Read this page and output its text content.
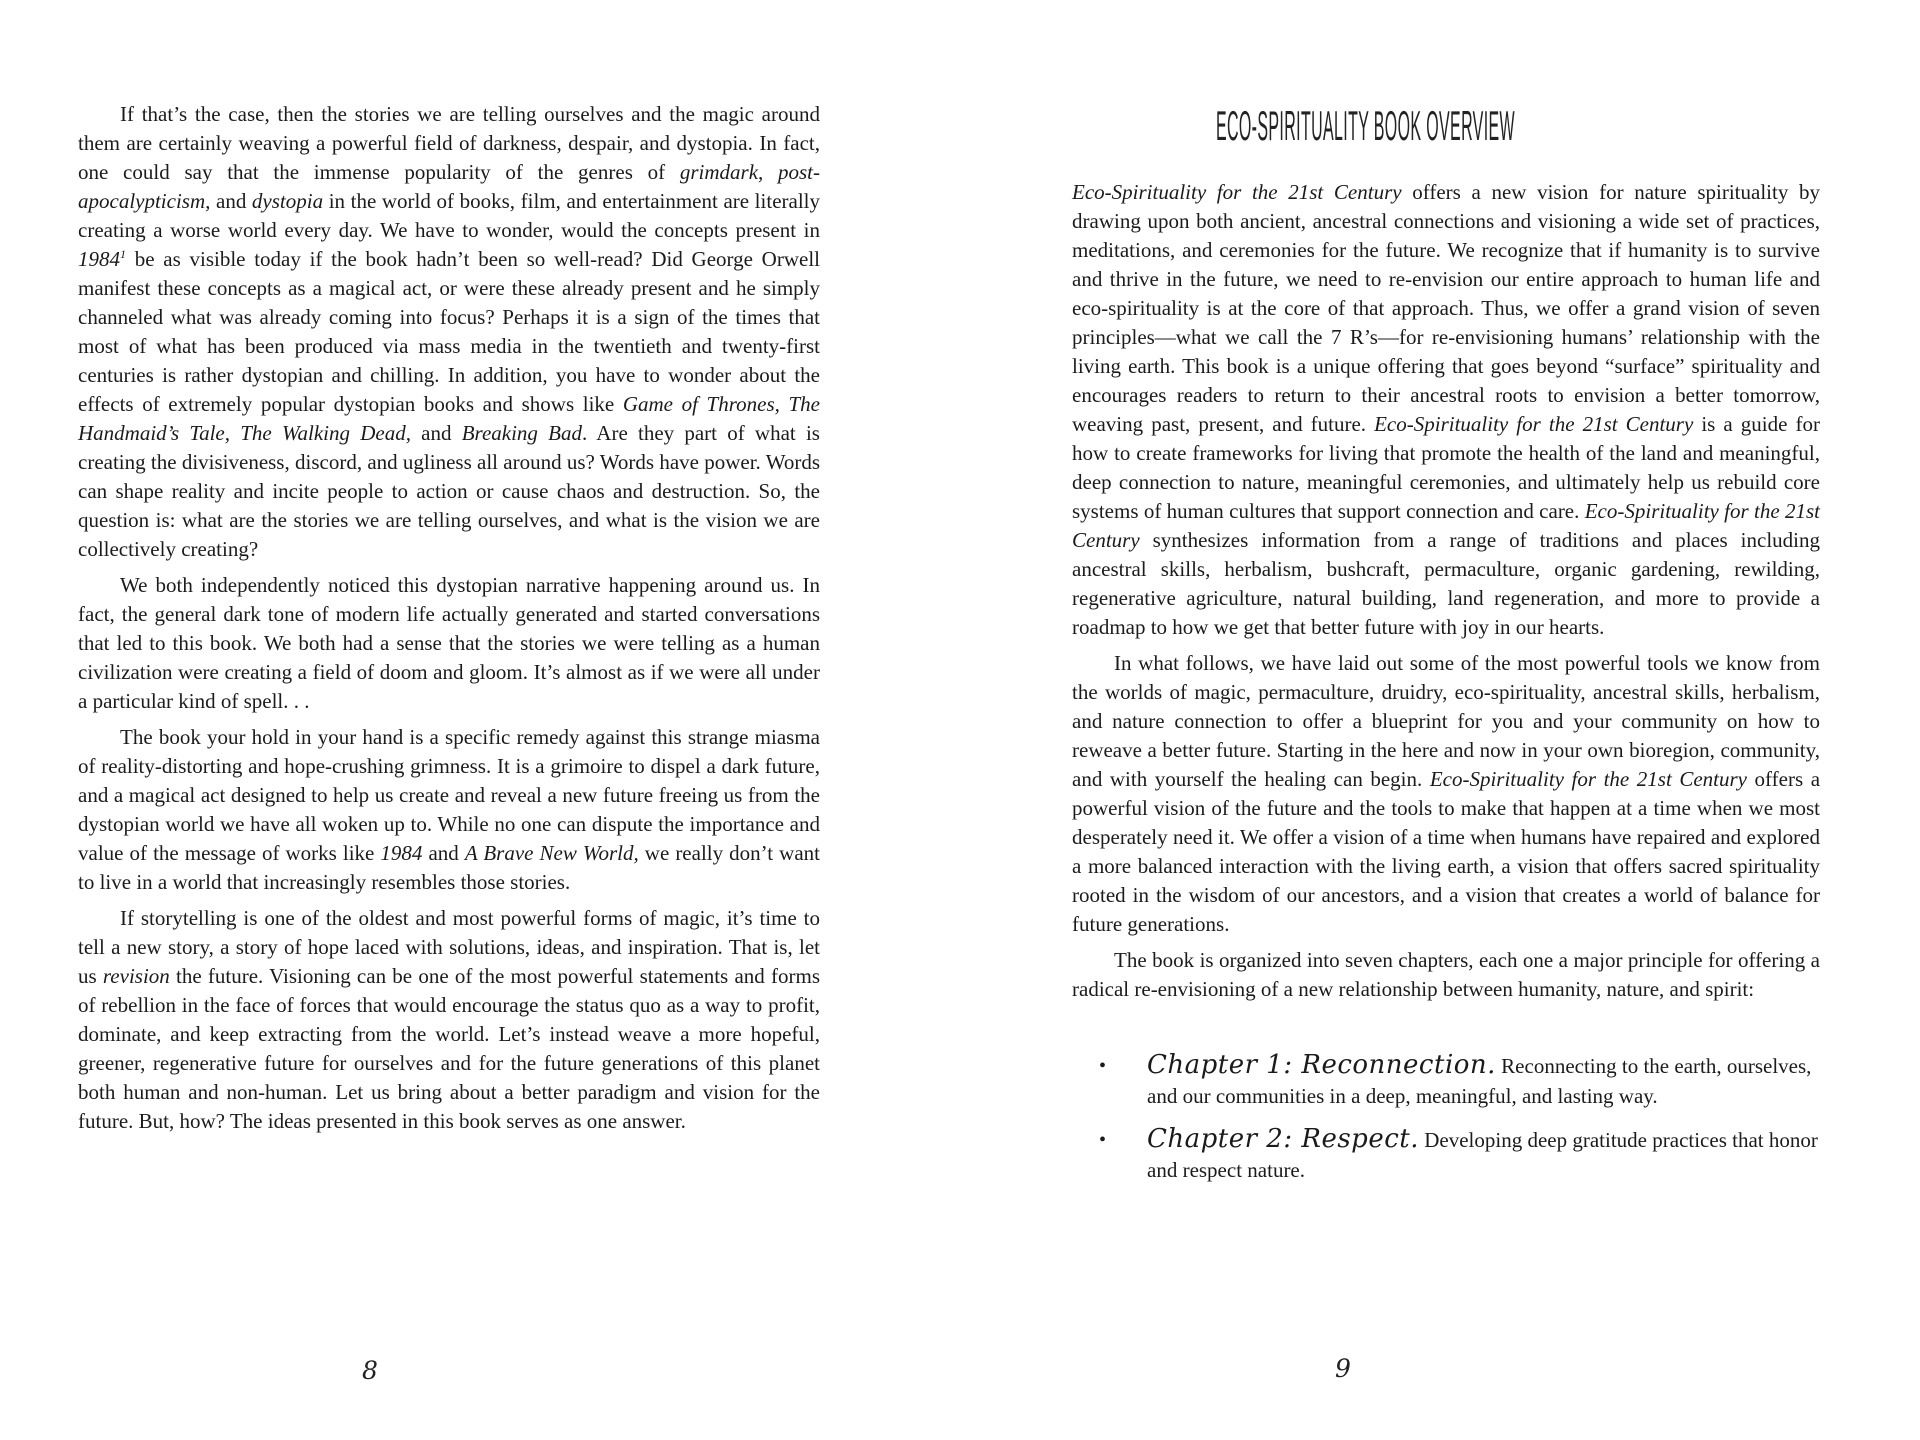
If that’s the case, then the stories we are telling ourselves and the magic around them are certainly weaving a powerful field of darkness, despair, and dystopia. In fact, one could say that the immense popularity of the genres of grimdark, post-apocalypticism, and dystopia in the world of books, film, and entertainment are literally creating a worse world every day. We have to wonder, would the concepts present in 1984$^1$ be as visible today if the book hadn’t been so well-read? Did George Orwell manifest these concepts as a magical act, or were these already present and he simply channeled what was already coming into focus? Perhaps it is a sign of the times that most of what has been produced via mass media in the twentieth and twenty-first centuries is rather dystopian and chilling. In addition, you have to wonder about the effects of extremely popular dystopian books and shows like Game of Thrones, The Handmaid’s Tale, The Walking Dead, and Breaking Bad. Are they part of what is creating the divisiveness, discord, and ugliness all around us? Words have power. Words can shape reality and incite people to action or cause chaos and destruction. So, the question is: what are the stories we are telling ourselves, and what is the vision we are collectively creating?

We both independently noticed this dystopian narrative happening around us. In fact, the general dark tone of modern life actually generated and started conversations that led to this book. We both had a sense that the stories we were telling as a human civilization were creating a field of doom and gloom. It’s almost as if we were all under a particular kind of spell. . .

The book your hold in your hand is a specific remedy against this strange miasma of reality-distorting and hope-crushing grimness. It is a grimoire to dispel a dark future, and a magical act designed to help us create and reveal a new future freeing us from the dystopian world we have all woken up to. While no one can dispute the importance and value of the message of works like 1984 and A Brave New World, we really don’t want to live in a world that increasingly resembles those stories.

If storytelling is one of the oldest and most powerful forms of magic, it’s time to tell a new story, a story of hope laced with solutions, ideas, and inspiration. That is, let us revision the future. Visioning can be one of the most powerful statements and forms of rebellion in the face of forces that would encourage the status quo as a way to profit, dominate, and keep extracting from the world. Let’s instead weave a more hopeful, greener, regenerative future for ourselves and for the future generations of this planet both human and non-human. Let us bring about a better paradigm and vision for the future. But, how? The ideas presented in this book serves as one answer.

ECO-SPIRITUALITY BOOK OVERVIEW

Eco-Spirituality for the 21st Century offers a new vision for nature spirituality by drawing upon both ancient, ancestral connections and visioning a wide set of practices, meditations, and ceremonies for the future. We recognize that if humanity is to survive and thrive in the future, we need to re-envision our entire approach to human life and eco-spirituality is at the core of that approach. Thus, we offer a grand vision of seven principles—what we call the 7 R’s—for re-envisioning humans’ relationship with the living earth. This book is a unique offering that goes beyond “surface” spirituality and encourages readers to return to their ancestral roots to envision a better tomorrow, weaving past, present, and future. Eco-Spirituality for the 21st Century is a guide for how to create frameworks for living that promote the health of the land and meaningful, deep connection to nature, meaningful ceremonies, and ultimately help us rebuild core systems of human cultures that support connection and care. Eco-Spirituality for the 21st Century synthesizes information from a range of traditions and places including ancestral skills, herbalism, bushcraft, permaculture, organic gardening, rewilding, regenerative agriculture, natural building, land regeneration, and more to provide a roadmap to how we get that better future with joy in our hearts.

In what follows, we have laid out some of the most powerful tools we know from the worlds of magic, permaculture, druidry, eco-spirituality, ancestral skills, herbalism, and nature connection to offer a blueprint for you and your community on how to reweave a better future. Starting in the here and now in your own bioregion, community, and with yourself the healing can begin. Eco-Spirituality for the 21st Century offers a powerful vision of the future and the tools to make that happen at a time when we most desperately need it. We offer a vision of a time when humans have repaired and explored a more balanced interaction with the living earth, a vision that offers sacred spirituality rooted in the wisdom of our ancestors, and a vision that creates a world of balance for future generations.

The book is organized into seven chapters, each one a major principle for offering a radical re-envisioning of a new relationship between humanity, nature, and spirit:

• Chapter 1: Reconnection. Reconnecting to the earth, ourselves, and our communities in a deep, meaningful, and lasting way.
• Chapter 2: Respect. Developing deep gratitude practices that honor and respect nature.
8	9
